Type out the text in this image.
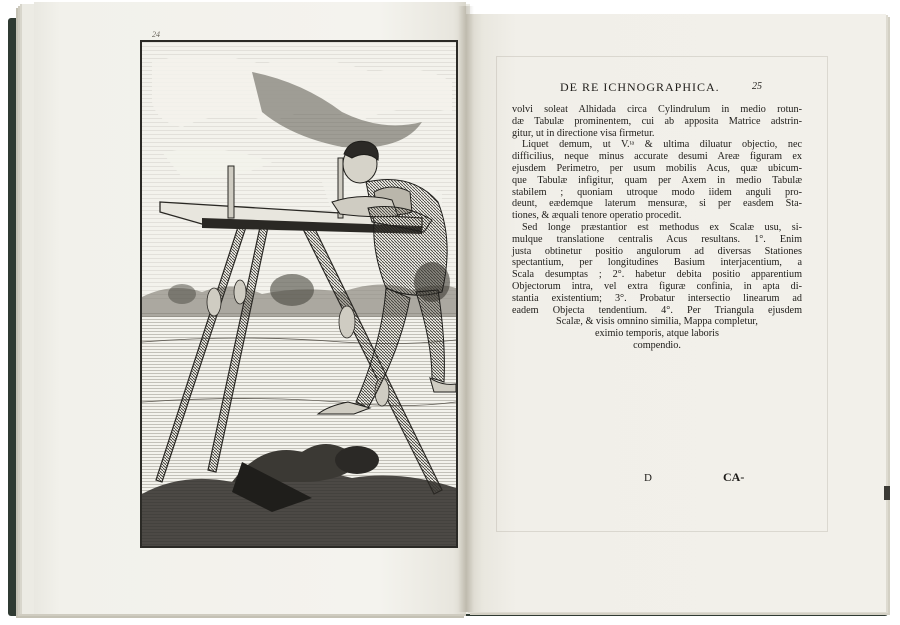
24
DE RE ICHNOGRAPHICA.	25
volvi soleat Alhidada circa Cylindrulum in medio rotun-
dæ Tabulæ prominentem, cui ab apposita Matrice adstrin-
gitur, ut in directione visa firmetur.
Liquet demum, ut V.ᵗᵃ & ultima diluatur objectio, nec
difficilius, neque minus accurate desumi Areæ figuram ex
ejusdem Perimetro, per usum mobilis Acus, quæ ubicum-
que Tabulæ infigitur, quam per Axem in medio Tabulæ
stabilem ; quoniam utroque modo iidem anguli pro-
deunt, eædemque laterum mensuræ, si per easdem Sta-
tiones, & æquali tenore operatio procedit.
Sed longe præstantior est methodus ex Scalæ usu, si-
mulque translatione centralis Acus resultans. 1°. Enim
justa obtinetur positio angulorum ad diversas Stationes
spectantium, per longitudines Basium interjacentium, a
Scala desumptas ; 2°. habetur debita positio apparentium
Objectorum intra, vel extra figuræ confinia, in apta di-
stantia existentium; 3°. Probatur intersectio linearum ad
eadem Objecta tendentium. 4°. Per Triangula ejusdem
Scalæ, & visis omnino similia, Mappa completur,
eximio temporis, atque laboris
compendio.
D	CA-
